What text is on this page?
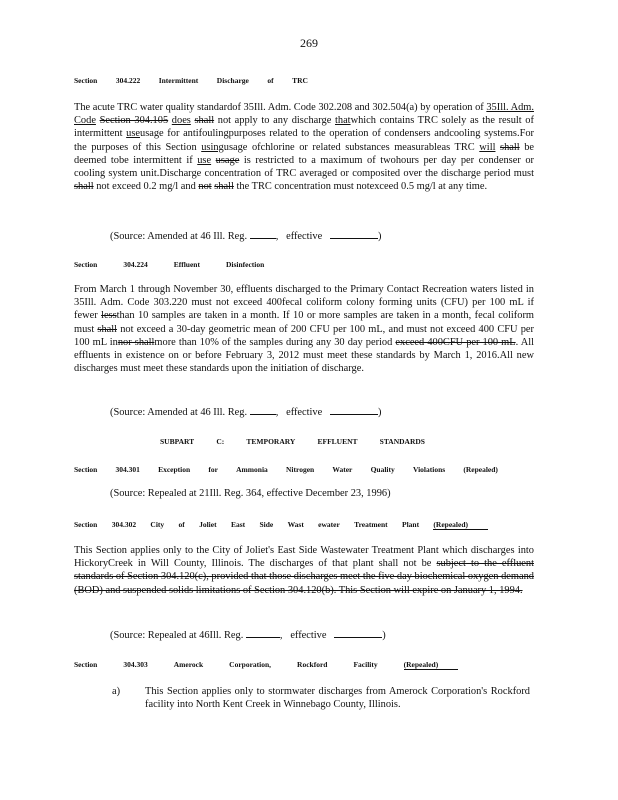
269
Section 304.222 Intermittent Discharge of TRC
The acute TRC water quality standardof 35Ill. Adm. Code 302.208 and 302.504(a) by operation of 35Ill. Adm. Code Section 304.105 does shall not apply to any discharge thatwhich contains TRC solely as the result of intermittent useusage for antifoulingpurposes related to the operation of condensers andcooling systems.For the purposes of this Section usingusage ofchlorine or related substances measurableas TRC will shall be deemed tobe intermittent if use usage is restricted to a maximum of twohours per day per condenser or cooling system unit.Discharge concentration of TRC averaged or composited over the discharge period must shall not exceed 0.2 mg/l and not shall the TRC concentration must notexceed 0.5 mg/l at any time.
(Source: Amended at 46 Ill. Reg.	,   effective	)
Section	304.224	Effluent	Disinfection
From March 1 through November 30, effluents discharged to the Primary Contact Recreation waters listed in 35Ill. Adm. Code 303.220 must not exceed 400fecal coliform colony forming units (CFU) per 100 mL if fewer lessthan 10 samples are taken in a month. If 10 or more samples are taken in a month, fecal coliform must shall not exceed a 30-day geometric mean of 200 CFU per 100 mL, and must not exceed 400 CFU per 100 mL innor shallmore than 10% of the samples during any 30 day period exceed 400CFU per 100 mL. All effluents in existence on or before February 3, 2012 must meet these standards by March 1, 2016.All new discharges must meet these standards upon the initiation of discharge.
(Source: Amended at 46 Ill. Reg.	,   effective	)
SUBPART	C:	TEMPORARY	EFFLUENT	STANDARDS
Section 304.301 Exception for Ammonia Nitrogen Water Quality Violations (Repealed)
(Source: Repealed at 21Ill. Reg. 364, effective December 23, 1996)
Section 304.302 City of Joliet East Side Wast ewater Treatment Plant (Repealed)
This Section applies only to the City of Joliet's East Side Wastewater Treatment Plant which discharges into HickoryCreek in Will County, Illinois. The discharges of that plant shall not be subject to the effluent standards of Section 304.120(c), provided that those discharges meet the five day biochemical oxygen demand (BOD) and suspended solids limitations of Section 304.120(b). This Section will expire on January 1, 1994.
(Source: Repealed at 46Ill. Reg.	,   effective	)
Section	304.303	Amerock	Corporation,	Rockford	Facility	(Repealed)
a) This Section applies only to stormwater discharges from Amerock Corporation's Rockford facility into North Kent Creek in Winnebago County, Illinois.
